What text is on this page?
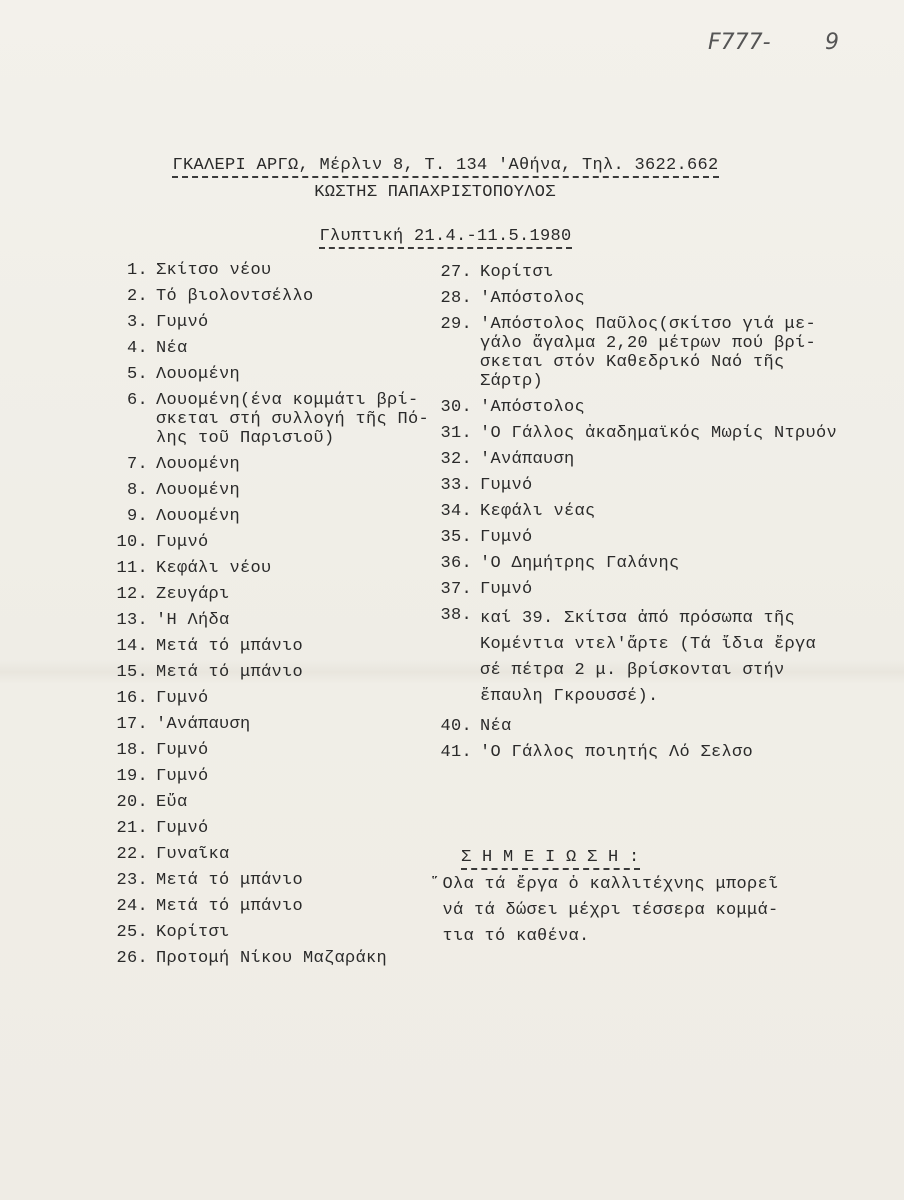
F777- 9

ΓΚΑΛΕΡΙ ΑΡΓΩ, Μέρλιν 8, Τ. 134 'Αθήνα, Τηλ. 3622.662

ΚΩΣΤΗΣ ΠΑΠΑΧΡΙΣΤΟΠΟΥΛΟΣ

Γλυπτική 21.4.-11.5.1980

1. Σκίτσο νέου
2. Τό βιολοντσέλλο
3. Γυμνό
4. Νέα
5. Λουομένη
6. Λουομένη(ένα κομμάτι βρί-
σκεται στή συλλογή τῆς Πό-
λης τοῦ Παρισιοῦ)
7. Λουομένη
8. Λουομένη
9. Λουομένη
10. Γυμνό
11. Κεφάλι νέου
12. Ζευγάρι
13. 'Η Λήδα
14. Μετά τό μπάνιο
15. Μετά τό μπάνιο
16. Γυμνό
17. 'Ανάπαυση
18. Γυμνό
19. Γυμνό
20. Εὔα
21. Γυμνό
22. Γυναῖκα
23. Μετά τό μπάνιο
24. Μετά τό μπάνιο
25. Κορίτσι
26. Προτομή Νίκου Μαζαράκη
27. Κορίτσι
28. 'Απόστολος
29. 'Απόστολος Παῦλος(σκίτσο γιά με-
γάλο ἄγαλμα 2,20 μέτρων πού βρί-
σκεται στόν Καθεδρικό Ναό τῆς
Σάρτρ)
30. 'Απόστολος
31. 'Ο Γάλλος ἀκαδημαϊκός Μωρίς Ντρυόν
32. 'Ανάπαυση
33. Γυμνό
34. Κεφάλι νέας
35. Γυμνό
36. 'Ο Δημήτρης Γαλάνης
37. Γυμνό
38. καί 39. Σκίτσα ἀπό πρόσωπα τῆς
Κομέντια ντελ'ἄρτε (Τά ἴδια ἔργα
σέ πέτρα 2 μ. βρίσκονται στήν
ἔπαυλη Γκρουσσέ).
40. Νέα
41. 'Ο Γάλλος ποιητής Λό Σελσο

Σ Η Μ Ε Ι Ω Σ Η :

῞Ολα τά ἔργα ὁ καλλιτέχνης μπορεῖ
νά τά δώσει μέχρι τέσσερα κομμά-
τια τό καθένα.
